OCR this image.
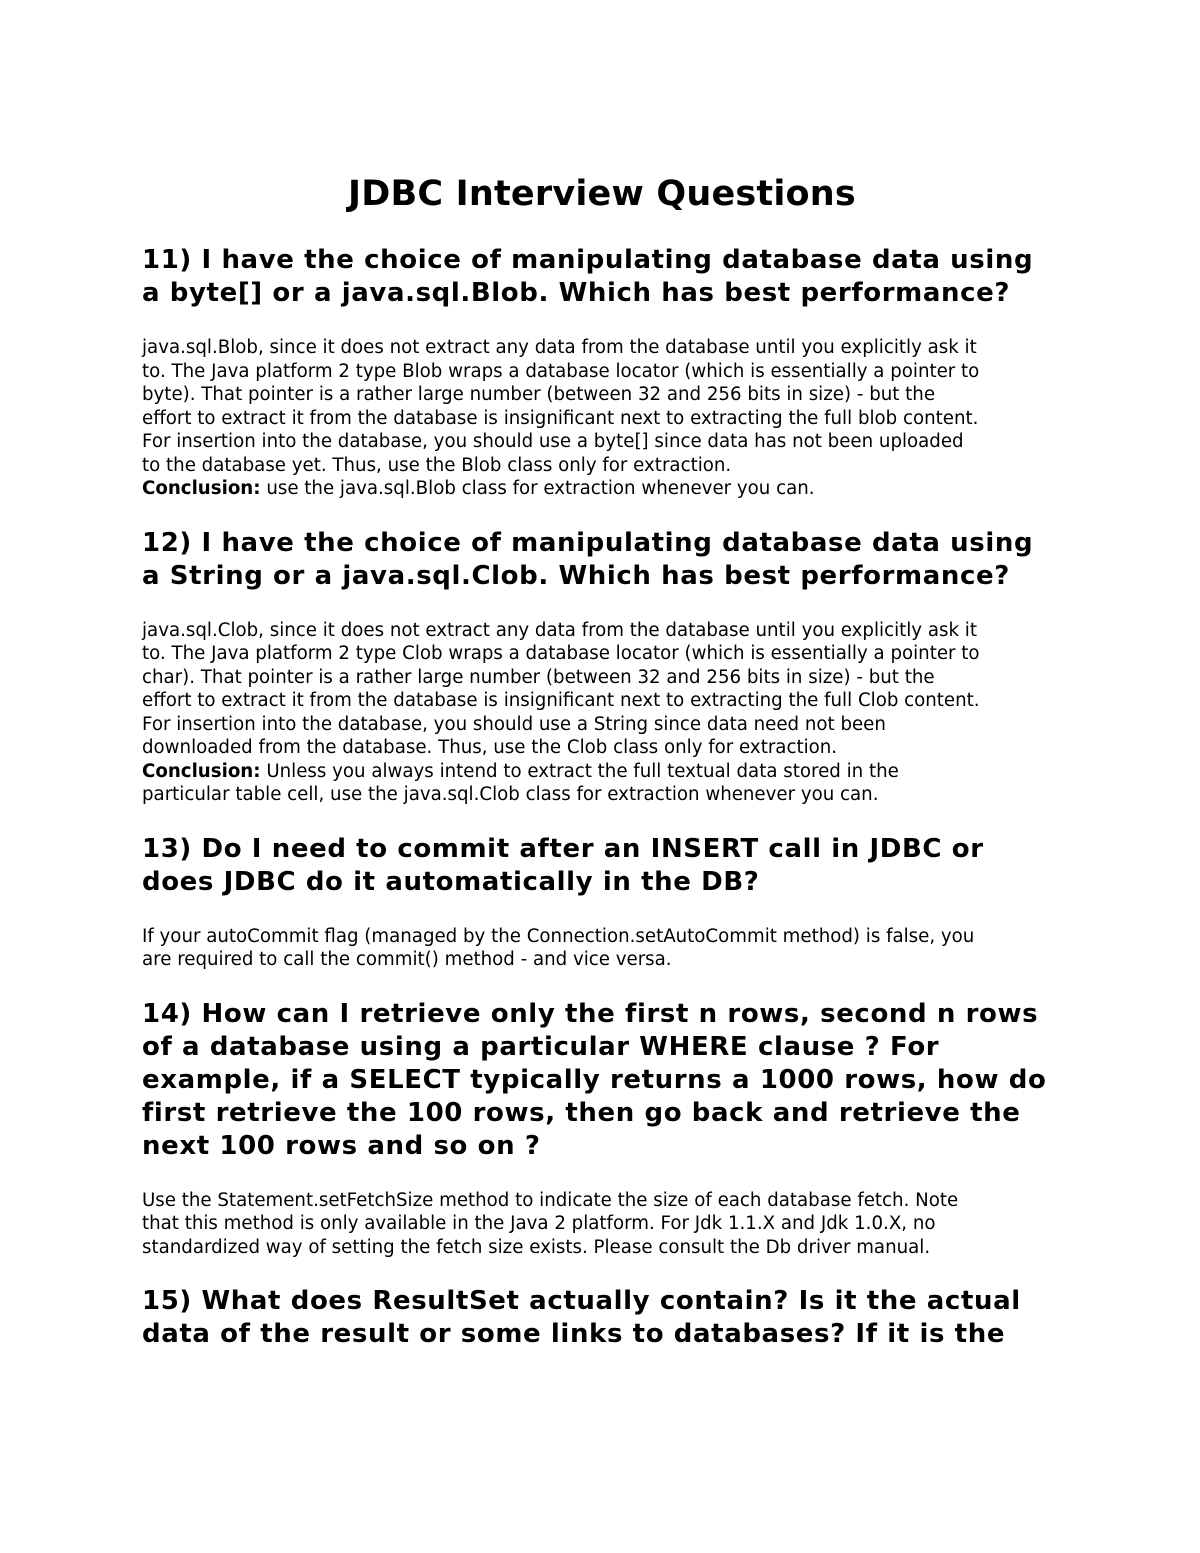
JDBC Interview Questions
11) I have the choice of manipulating database data using
a byte[] or a java.sql.Blob. Which has best performance?

java.sql.Blob, since it does not extract any data from the database until you explicitly ask it
to. The Java platform 2 type Blob wraps a database locator (which is essentially a pointer to
byte). That pointer is a rather large number (between 32 and 256 bits in size) - but the
effort to extract it from the database is insignificant next to extracting the full blob content.
For insertion into the database, you should use a byte[] since data has not been uploaded
to the database yet. Thus, use the Blob class only for extraction.

Conclusion: use the java.sql.Blob class for extraction whenever you can.

12) I have the choice of manipulating database data using
a String or a java.sql.Clob. Which has best performance?

java.sql.Clob, since it does not extract any data from the database until you explicitly ask it
to. The Java platform 2 type Clob wraps a database locator (which is essentially a pointer to
char). That pointer is a rather large number (between 32 and 256 bits in size) - but the
effort to extract it from the database is insignificant next to extracting the full Clob content.
For insertion into the database, you should use a String since data need not been
downloaded from the database. Thus, use the Clob class only for extraction.

Conclusion: Unless you always intend to extract the full textual data stored in the
particular table cell, use the java.sql.Clob class for extraction whenever you can.

13) Do I need to commit after an INSERT call in JDBC or
does JDBC do it automatically in the DB?

If your autoCommit flag (managed by the Connection.setAutoCommit method) is false, you
are required to call the commit() method - and vice versa.

14) How can I retrieve only the first n rows, second n rows
of a database using a particular WHERE clause ? For
example, if a SELECT typically returns a 1000 rows, how do
first retrieve the 100 rows, then go back and retrieve the
next 100 rows and so on ?

Use the Statement.setFetchSize method to indicate the size of each database fetch. Note
that this method is only available in the Java 2 platform. For Jdk 1.1.X and Jdk 1.0.X, no
standardized way of setting the fetch size exists. Please consult the Db driver manual.

15) What does ResultSet actually contain? Is it the actual
data of the result or some links to databases? If it is the
